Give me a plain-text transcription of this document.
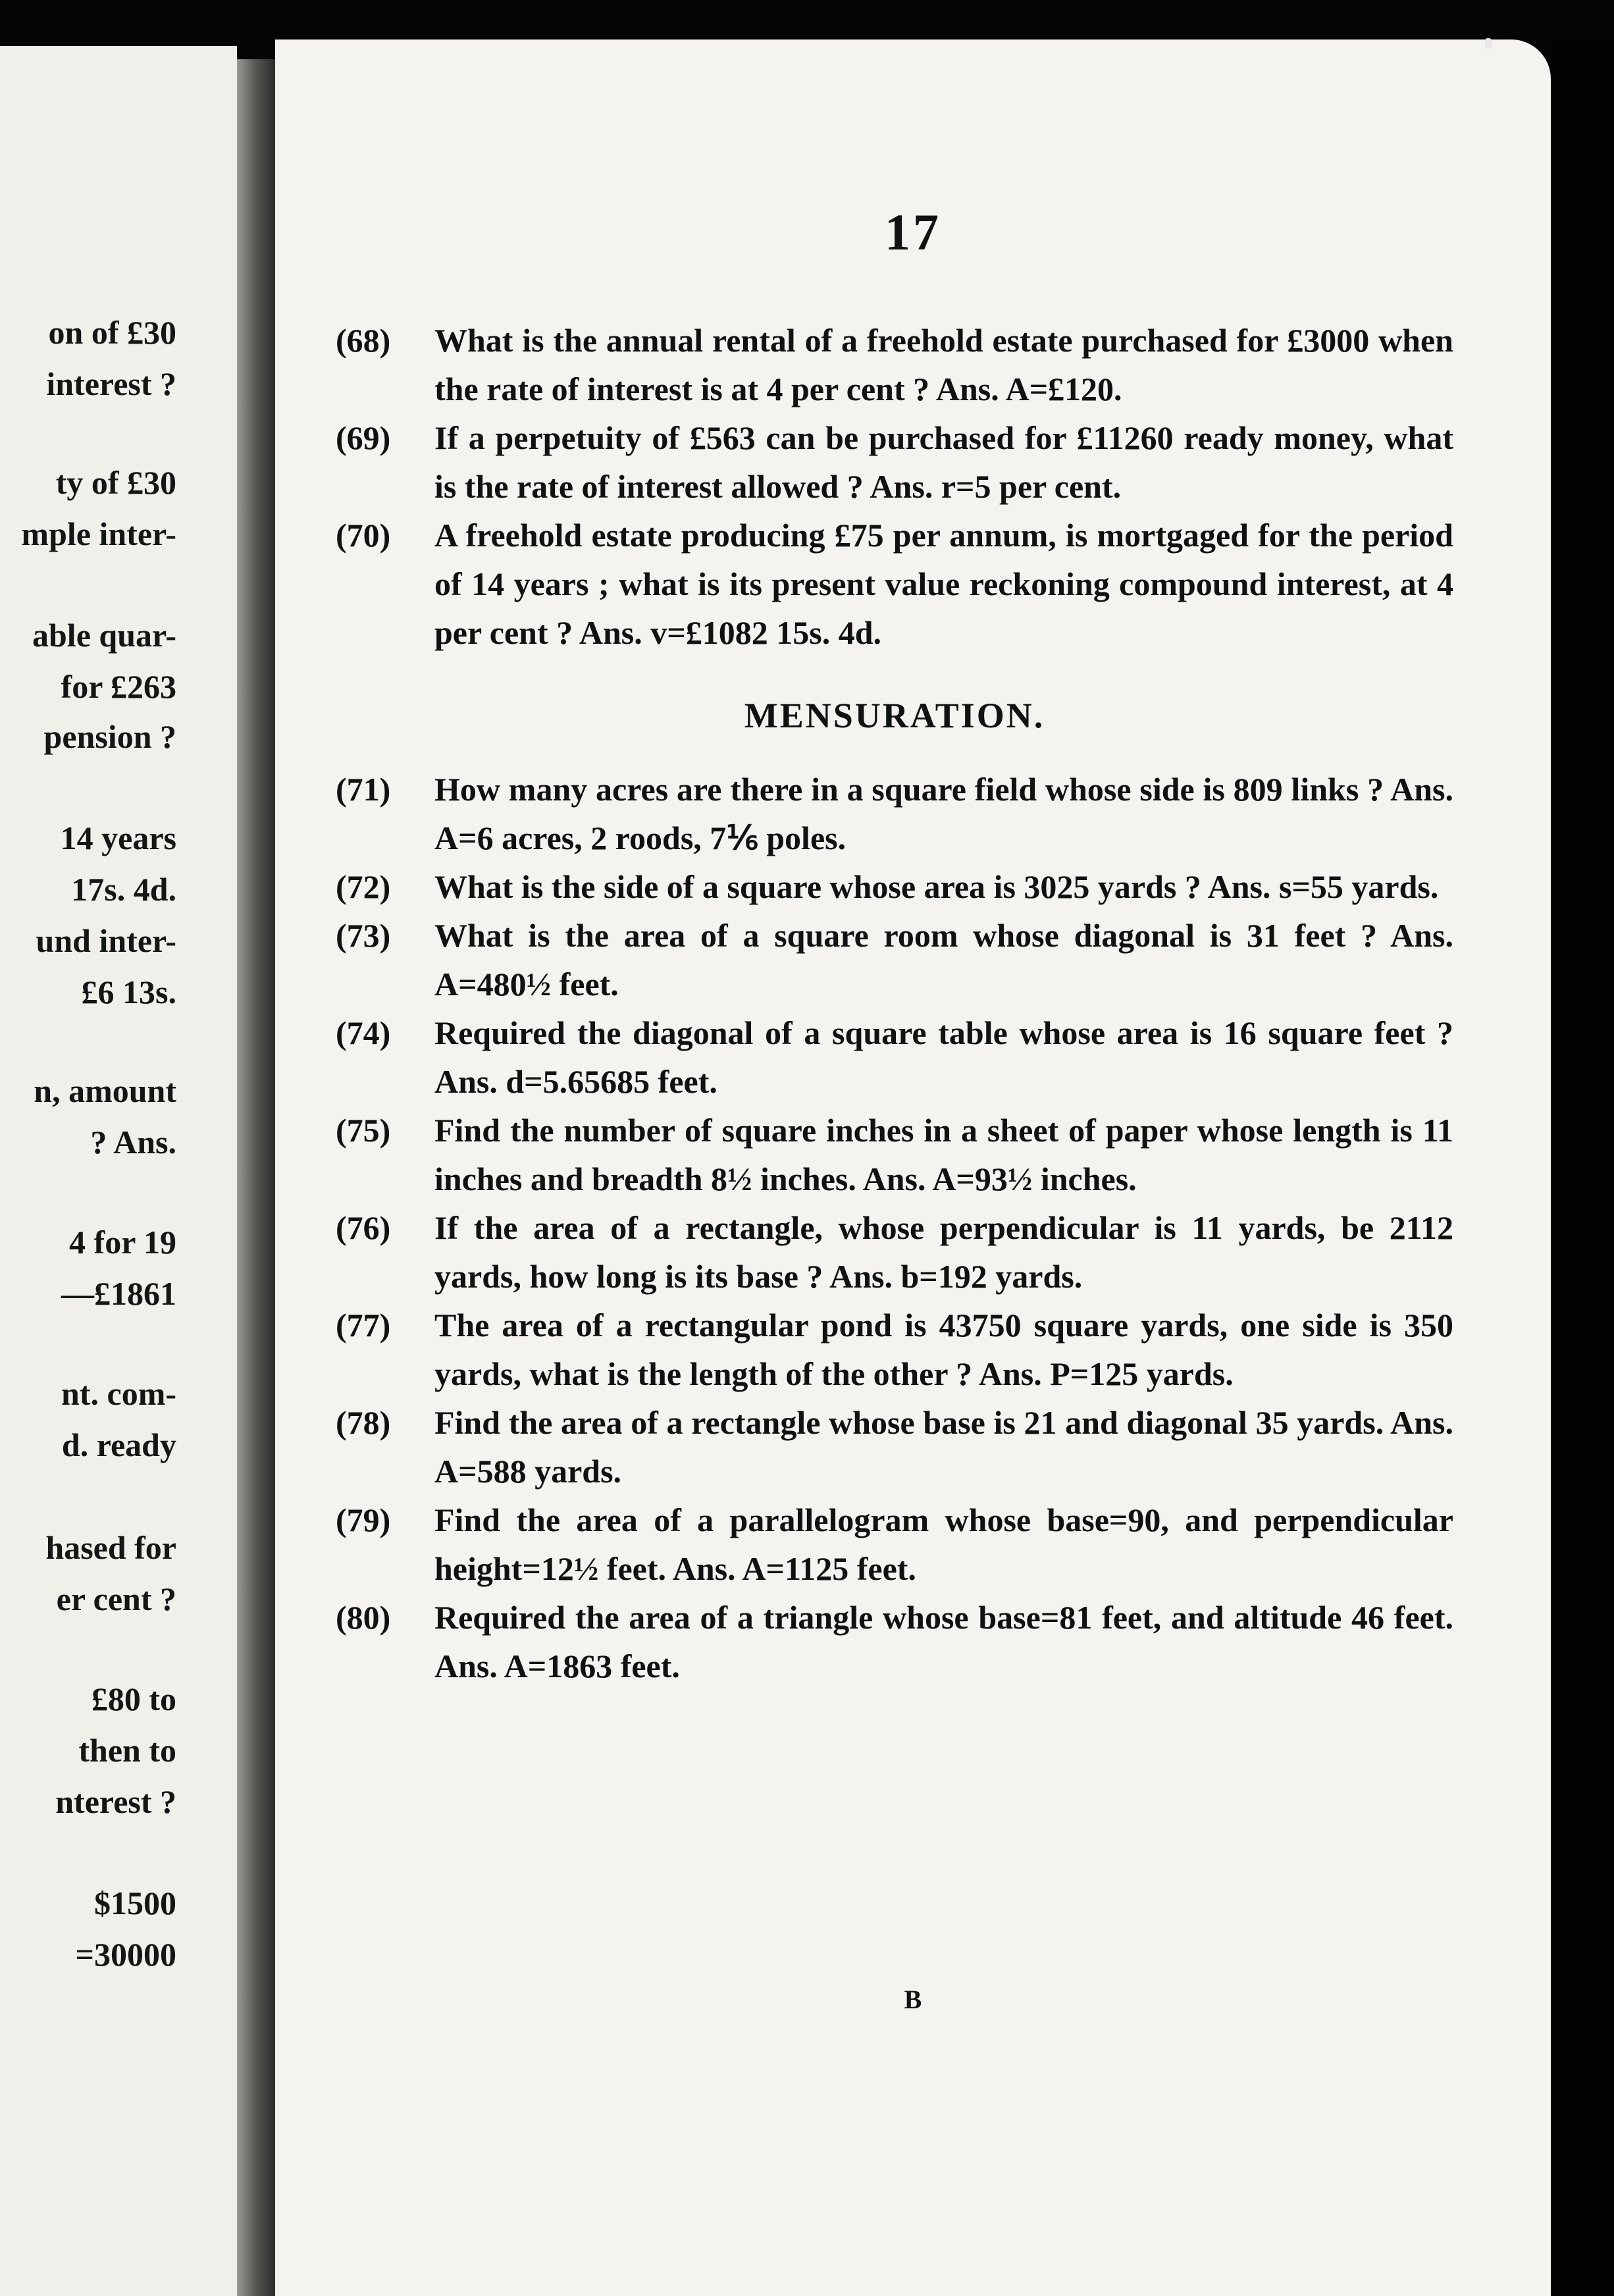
on of £30
interest ?
ty of £30
mple inter-
able quar-
for £263
pension ?
14 years
17s. 4d.
und inter-
£6 13s.
n, amount
? Ans.
4 for 19
—£1861
nt. com-
d. ready
hased for
er cent ?
£80 to
then to
nterest ?
$1500
=30000
17
(68)	What is the annual rental of a freehold estate purchased for £3000 when the rate of interest is at 4 per cent ? Ans. A=£120.
(69)	If a perpetuity of £563 can be purchased for £11260 ready money, what is the rate of interest allowed ? Ans. r=5 per cent.
(70)	A freehold estate producing £75 per annum, is mortgaged for the period of 14 years ; what is its present value reckoning compound interest, at 4 per cent ? Ans. v=£1082 15s. 4d.
MENSURATION.
(71)	How many acres are there in a square field whose side is 809 links ? Ans. A=6 acres, 2 roods, 7⅙ poles.
(72)	What is the side of a square whose area is 3025 yards ? Ans. s=55 yards.
(73)	What is the area of a square room whose diagonal is 31 feet ? Ans. A=480½ feet.
(74)	Required the diagonal of a square table whose area is 16 square feet ? Ans. d=5.65685 feet.
(75)	Find the number of square inches in a sheet of paper whose length is 11 inches and breadth 8½ inches. Ans. A=93½ inches.
(76)	If the area of a rectangle, whose perpendicular is 11 yards, be 2112 yards, how long is its base ? Ans. b=192 yards.
(77)	The area of a rectangular pond is 43750 square yards, one side is 350 yards, what is the length of the other ? Ans. P=125 yards.
(78)	Find the area of a rectangle whose base is 21 and diagonal 35 yards. Ans. A=588 yards.
(79)	Find the area of a parallelogram whose base=90, and perpendicular height=12½ feet. Ans. A=1125 feet.
(80)	Required the area of a triangle whose base=81 feet, and altitude 46 feet. Ans. A=1863 feet.
B
